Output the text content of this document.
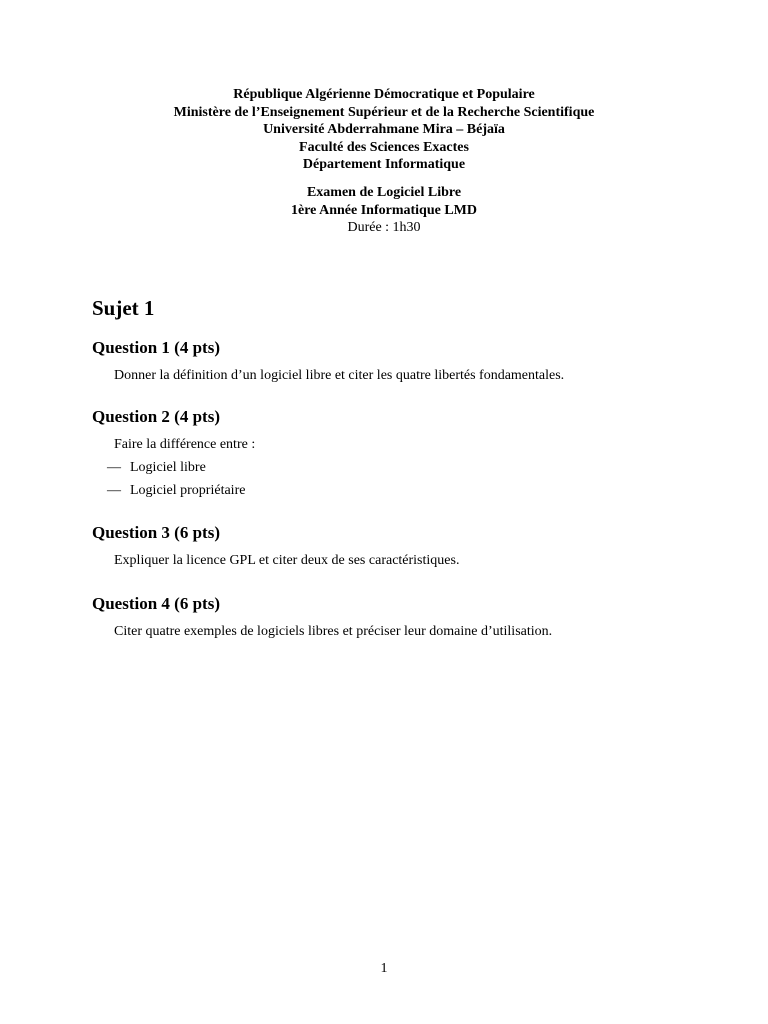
République Algérienne Démocratique et Populaire
Ministère de l’Enseignement Supérieur et de la Recherche Scientifique
Université Abderrahmane Mira – Béjaïa
Faculté des Sciences Exactes
Département Informatique
Examen de Logiciel Libre
1ère Année Informatique LMD
Durée : 1h30
Sujet 1
Question 1 (4 pts)
Donner la définition d’un logiciel libre et citer les quatre libertés fondamentales.
Question 2 (4 pts)
Faire la différence entre :
— Logiciel libre
— Logiciel propriétaire
Question 3 (6 pts)
Expliquer la licence GPL et citer deux de ses caractéristiques.
Question 4 (6 pts)
Citer quatre exemples de logiciels libres et préciser leur domaine d’utilisation.
1
